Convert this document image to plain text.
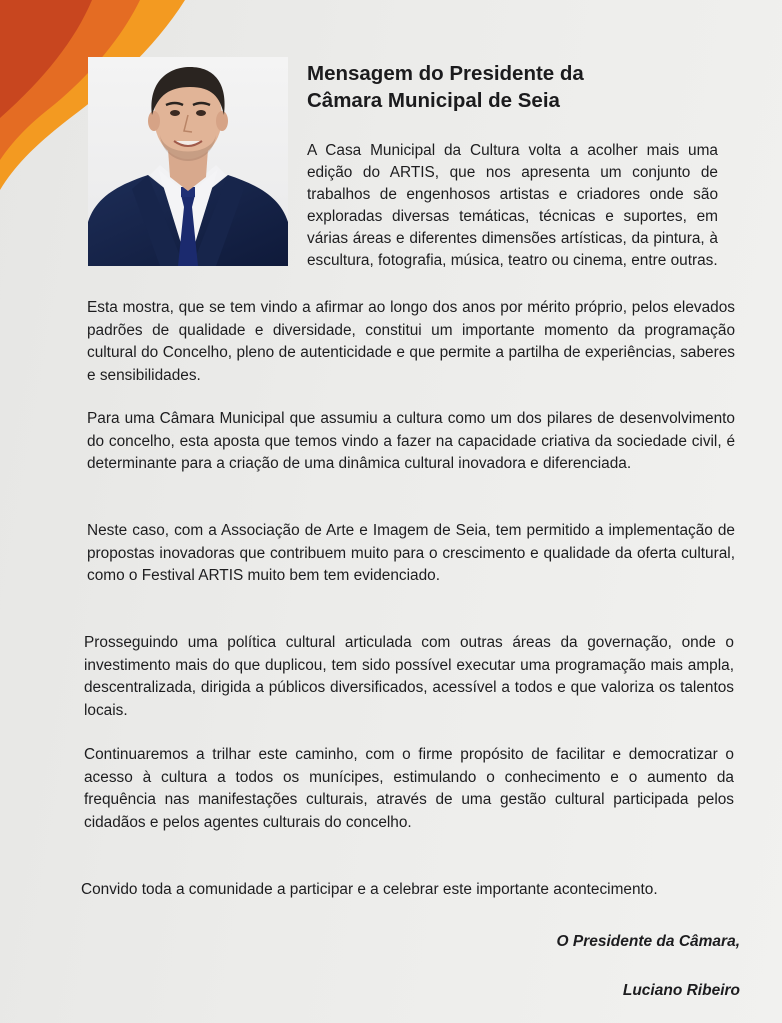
Mensagem do Presidente da
Câmara Municipal de Seia

A Casa Municipal da Cultura volta a acolher mais uma edição do ARTIS, que nos apresenta um conjunto de trabalhos de engenhosos artistas e criadores onde são exploradas diversas temáticas, técnicas e suportes, em várias áreas e diferentes dimensões artísticas, da pintura, à escultura, fotografia, música, teatro ou cinema, entre outras.

Esta mostra, que se tem vindo a afirmar ao longo dos anos por mérito próprio, pelos elevados padrões de qualidade e diversidade, constitui um importante momento da programação cultural do Concelho, pleno de autenticidade e que permite a partilha de experiências, saberes e sensibilidades.

Para uma Câmara Municipal que assumiu a cultura como um dos pilares de desenvolvimento do concelho, esta aposta que temos vindo a fazer na capacidade criativa da sociedade civil, é determinante para a criação de uma dinâmica cultural inovadora e diferenciada.

Neste caso, com a Associação de Arte e Imagem de Seia, tem permitido a implementação de propostas inovadoras que contribuem muito para o crescimento e qualidade da oferta cultural, como o Festival ARTIS muito bem tem evidenciado.

Prosseguindo uma política cultural articulada com outras áreas da governação, onde o investimento mais do que duplicou, tem sido possível executar uma programação mais ampla, descentralizada, dirigida a públicos diversificados, acessível a todos e que valoriza os talentos locais.

Continuaremos a trilhar este caminho, com o firme propósito de facilitar e democratizar o acesso à cultura a todos os munícipes, estimulando o conhecimento e o aumento da frequência nas manifestações culturais, através de uma gestão cultural participada pelos cidadãos e pelos agentes culturais do concelho.

Convido toda a comunidade a participar e a celebrar este importante acontecimento.

O Presidente da Câmara,

Luciano Ribeiro
